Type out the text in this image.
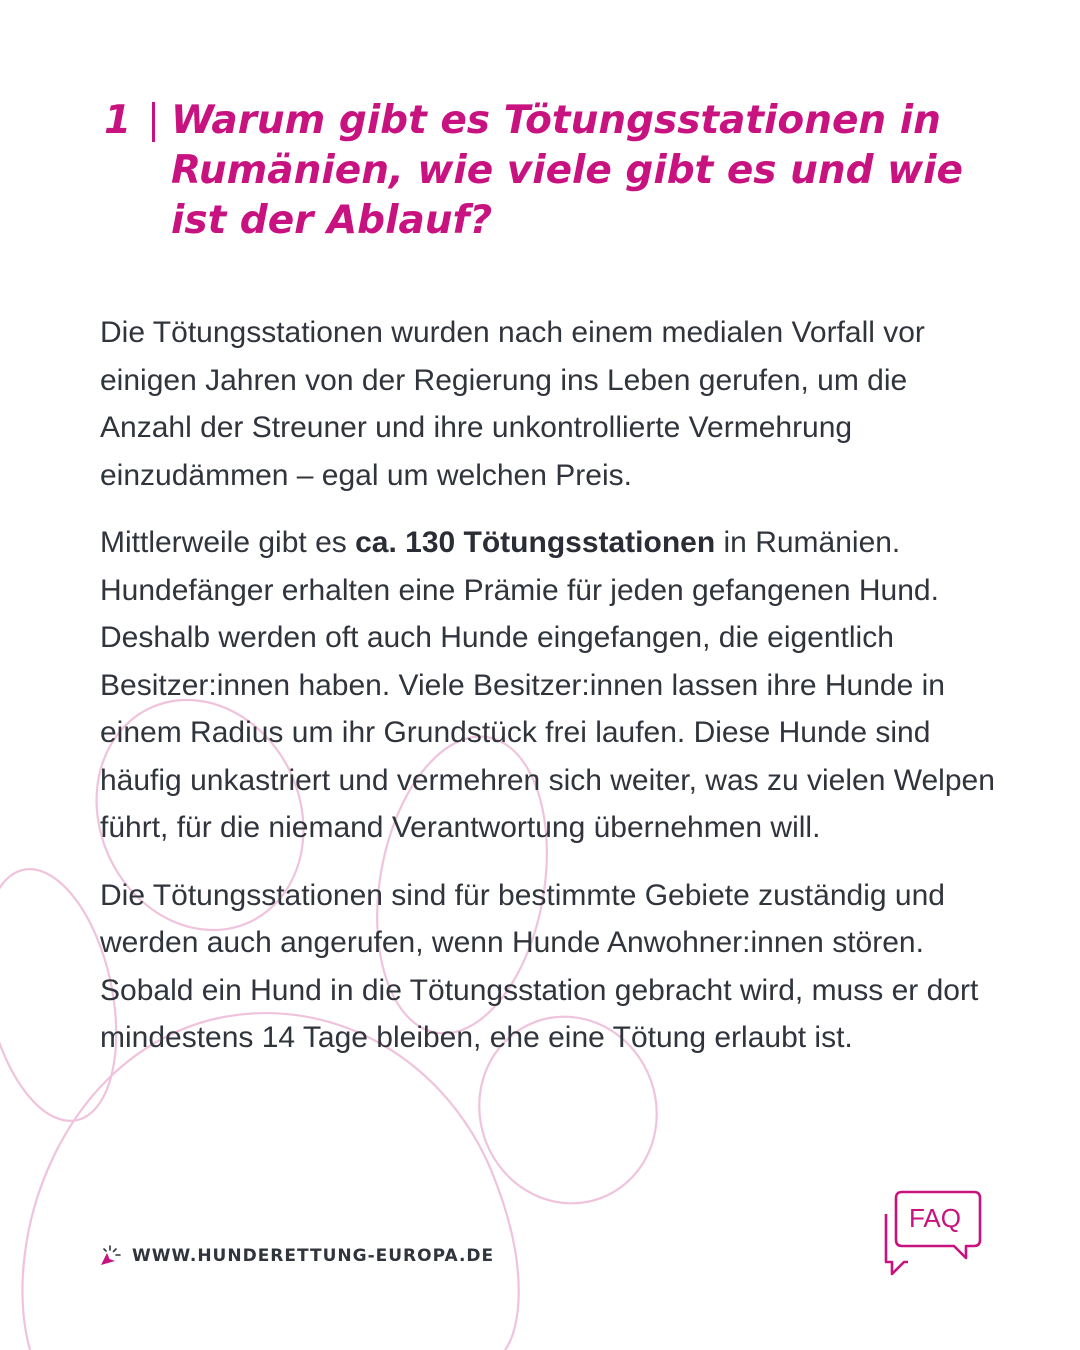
1	Warum gibt es Tötungsstationen in Rumänien, wie viele gibt es und wie ist der Ablauf?

Die Tötungsstationen wurden nach einem medialen Vorfall vor einigen Jahren von der Regierung ins Leben gerufen, um die Anzahl der Streuner und ihre unkontrollierte Vermehrung einzudämmen – egal um welchen Preis.

Mittlerweile gibt es ca. 130 Tötungsstationen in Rumänien. Hundefänger erhalten eine Prämie für jeden gefangenen Hund. Deshalb werden oft auch Hunde eingefangen, die eigentlich Besitzer:innen haben. Viele Besitzer:innen lassen ihre Hunde in einem Radius um ihr Grundstück frei laufen. Diese Hunde sind häufig unkastriert und vermehren sich weiter, was zu vielen Welpen führt, für die niemand Verantwortung übernehmen will.

Die Tötungsstationen sind für bestimmte Gebiete zuständig und werden auch angerufen, wenn Hunde Anwohner:innen stören. Sobald ein Hund in die Tötungsstation gebracht wird, muss er dort mindestens 14 Tage bleiben, ehe eine Tötung erlaubt ist.

WWW.HUNDERETTUNG-EUROPA.DE
FAQ
